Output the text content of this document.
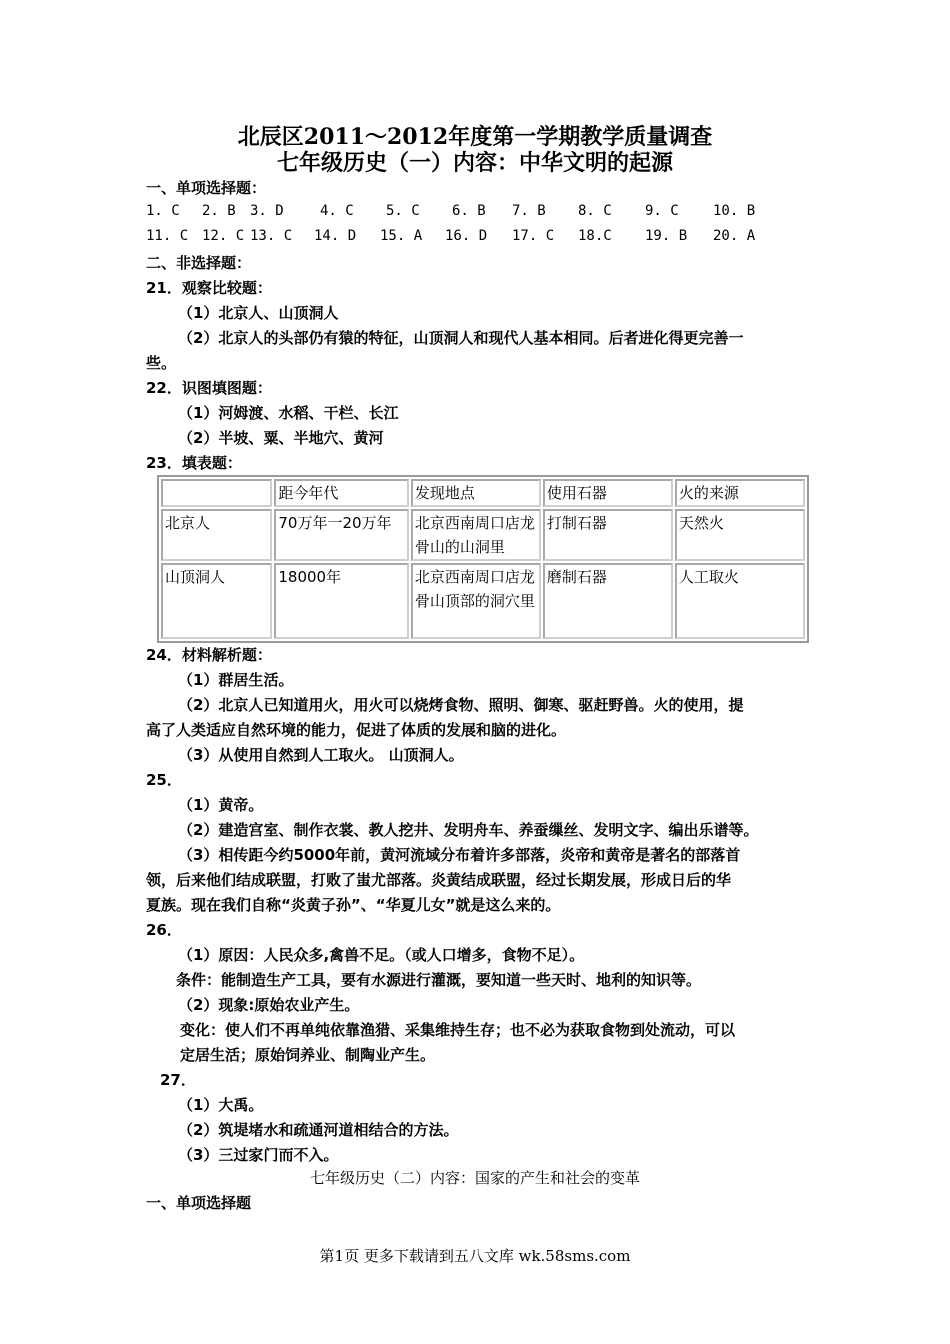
北辰区2011～2012年度第一学期教学质量调查
七年级历史（一）内容：中华文明的起源
一、单项选择题：
1. C 2. B 3. D	4. C 5. C 6. B 7. B 8. C 9. C 10. B
11. C 12. C 13. C 14. D 15. A 16. D 17. C 18.C 19. B 20. A
二、非选择题：
21．观察比较题：
（1）北京人、山顶洞人
（2）北京人的头部仍有猿的特征，山顶洞人和现代人基本相同。后者进化得更完善一
些。
22．识图填图题：
（1）河姆渡、水稻、干栏、长江
（2）半坡、粟、半地穴、黄河
23．填表题：
	距今年代	发现地点	使用石器	火的来源
北京人	70万年一20万年	北京西南周口店龙骨山的山洞里	打制石器	天然火
山顶洞人	18000年	北京西南周口店龙骨山顶部的洞穴里	磨制石器	人工取火
24．材料解析题：
（1）群居生活。
（2）北京人已知道用火，用火可以烧烤食物、照明、御寒、驱赶野兽。火的使用，提
高了人类适应自然环境的能力，促进了体质的发展和脑的进化。
（3）从使用自然到人工取火。 山顶洞人。
25．
（1）黄帝。
（2）建造宫室、制作衣裳、教人挖井、发明舟车、养蚕缫丝、发明文字、编出乐谱等。
（3）相传距今约5000年前，黄河流域分布着许多部落，炎帝和黄帝是著名的部落首
领，后来他们结成联盟，打败了蚩尤部落。炎黄结成联盟，经过长期发展，形成日后的华
夏族。现在我们自称“炎黄子孙”、“华夏儿女”就是这么来的。
26．
（1）原因：人民众多,禽兽不足。（或人口增多，食物不足）。
条件：能制造生产工具，要有水源进行灌溉，要知道一些天时、地利的知识等。
（2）现象:原始农业产生。
变化：使人们不再单纯依靠渔猎、采集维持生存；也不必为获取食物到处流动，可以
定居生活；原始饲养业、制陶业产生。
27．
（1）大禹。
（2）筑堤堵水和疏通河道相结合的方法。
（3）三过家门而不入。
七年级历史（二）内容：国家的产生和社会的变革
一、单项选择题
第1页 更多下载请到五八文库 wk.58sms.com
